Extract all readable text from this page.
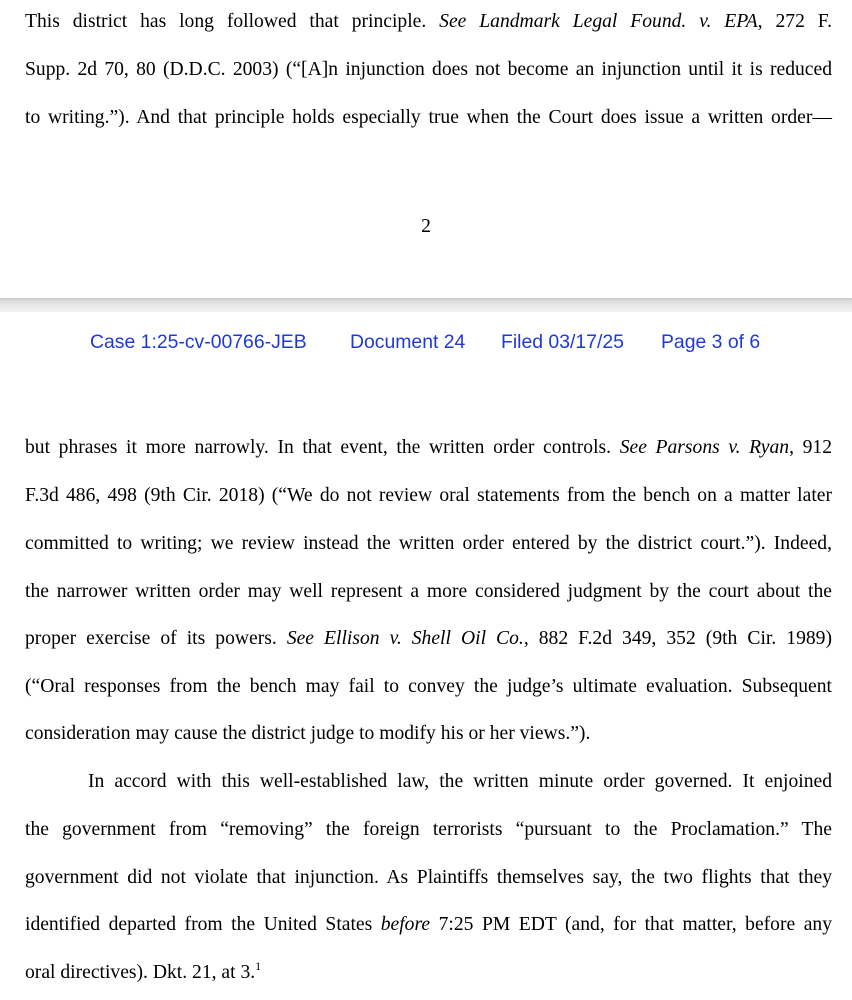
This district has long followed that principle. See Landmark Legal Found. v. EPA, 272 F.
Supp. 2d 70, 80 (D.D.C. 2003) (“[A]n injunction does not become an injunction until it is reduced
to writing.”). And that principle holds especially true when the Court does issue a written order—
2
Case 1:25-cv-00766-JEB Document 24 Filed 03/17/25 Page 3 of 6
but phrases it more narrowly. In that event, the written order controls. See Parsons v. Ryan, 912
F.3d 486, 498 (9th Cir. 2018) (“We do not review oral statements from the bench on a matter later
committed to writing; we review instead the written order entered by the district court.”). Indeed,
the narrower written order may well represent a more considered judgment by the court about the
proper exercise of its powers. See Ellison v. Shell Oil Co., 882 F.2d 349, 352 (9th Cir. 1989)
(“Oral responses from the bench may fail to convey the judge’s ultimate evaluation. Subsequent
consideration may cause the district judge to modify his or her views.”).
In accord with this well-established law, the written minute order governed. It enjoined
the government from “removing” the foreign terrorists “pursuant to the Proclamation.” The
government did not violate that injunction. As Plaintiffs themselves say, the two flights that they
identified departed from the United States before 7:25 PM EDT (and, for that matter, before any
oral directives). Dkt. 21, at 3.$^1$
